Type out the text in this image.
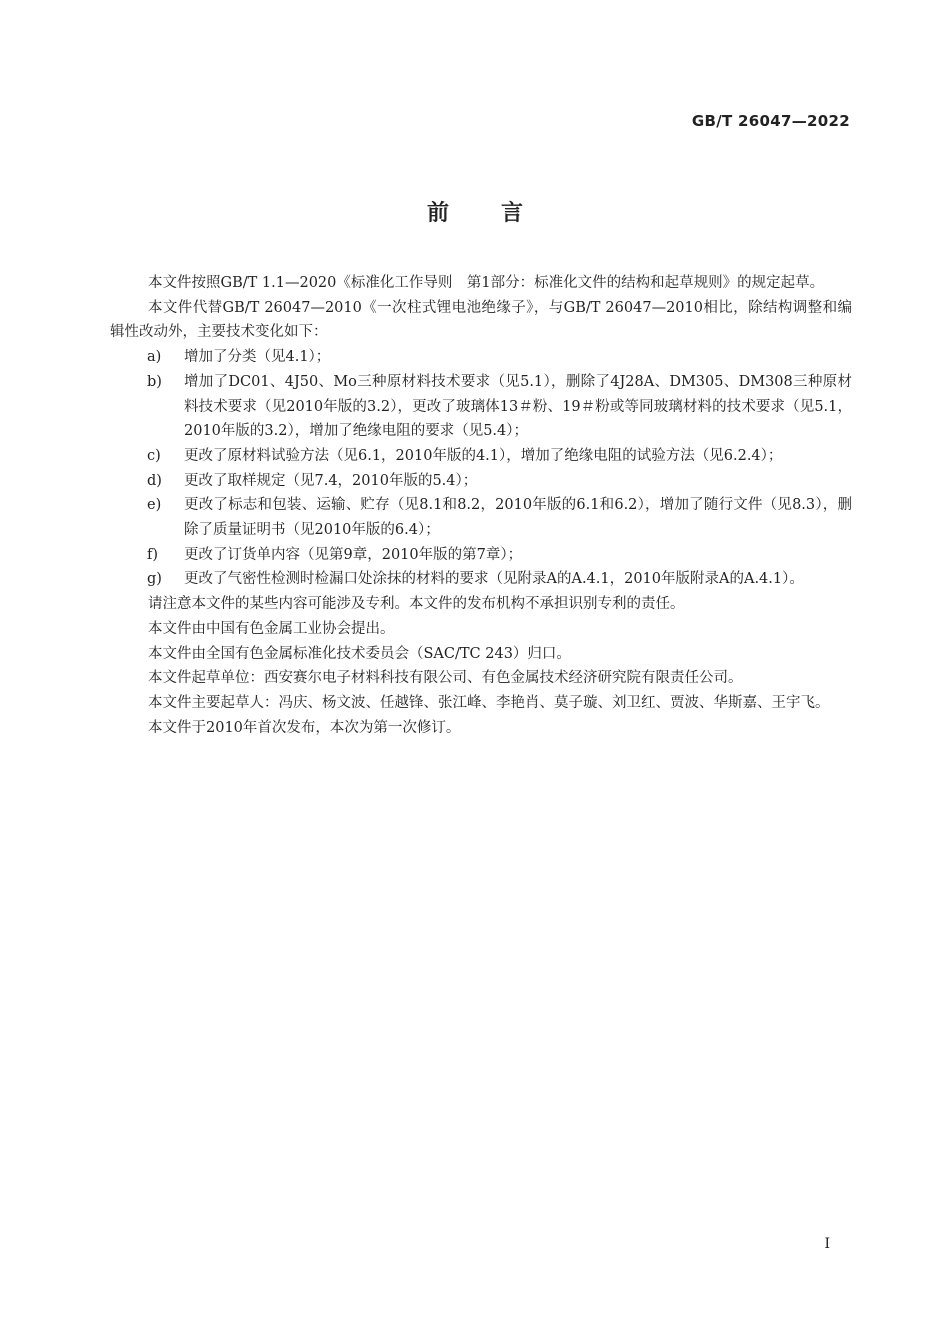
GB/T 26047—2022
前言

本文件按照GB/T 1.1—2020《标准化工作导则　第1部分：标准化文件的结构和起草规则》的规定起草。

本文件代替GB/T 26047—2010《一次柱式锂电池绝缘子》，与GB/T 26047—2010相比，除结构调整和编辑性改动外，主要技术变化如下：

a) 增加了分类（见4.1）；
b) 增加了DC01、4J50、Mo三种原材料技术要求（见5.1），删除了4J28A、DM305、DM308三种原材料技术要求（见2010年版的3.2），更改了玻璃体13＃粉、19＃粉或等同玻璃材料的技术要求（见5.1，2010年版的3.2），增加了绝缘电阻的要求（见5.4）；
c) 更改了原材料试验方法（见6.1，2010年版的4.1），增加了绝缘电阻的试验方法（见6.2.4）；
d) 更改了取样规定（见7.4，2010年版的5.4）；
e) 更改了标志和包装、运输、贮存（见8.1和8.2，2010年版的6.1和6.2），增加了随行文件（见8.3），删除了质量证明书（见2010年版的6.4）；
f) 更改了订货单内容（见第9章，2010年版的第7章）；
g) 更改了气密性检测时检漏口处涂抹的材料的要求（见附录A的A.4.1，2010年版附录A的A.4.1）。

请注意本文件的某些内容可能涉及专利。本文件的发布机构不承担识别专利的责任。

本文件由中国有色金属工业协会提出。

本文件由全国有色金属标准化技术委员会（SAC/TC 243）归口。

本文件起草单位：西安赛尔电子材料科技有限公司、有色金属技术经济研究院有限责任公司。

本文件主要起草人：冯庆、杨文波、任越锋、张江峰、李艳肖、莫子璇、刘卫红、贾波、华斯嘉、王宇飞。

本文件于2010年首次发布，本次为第一次修订。

I
